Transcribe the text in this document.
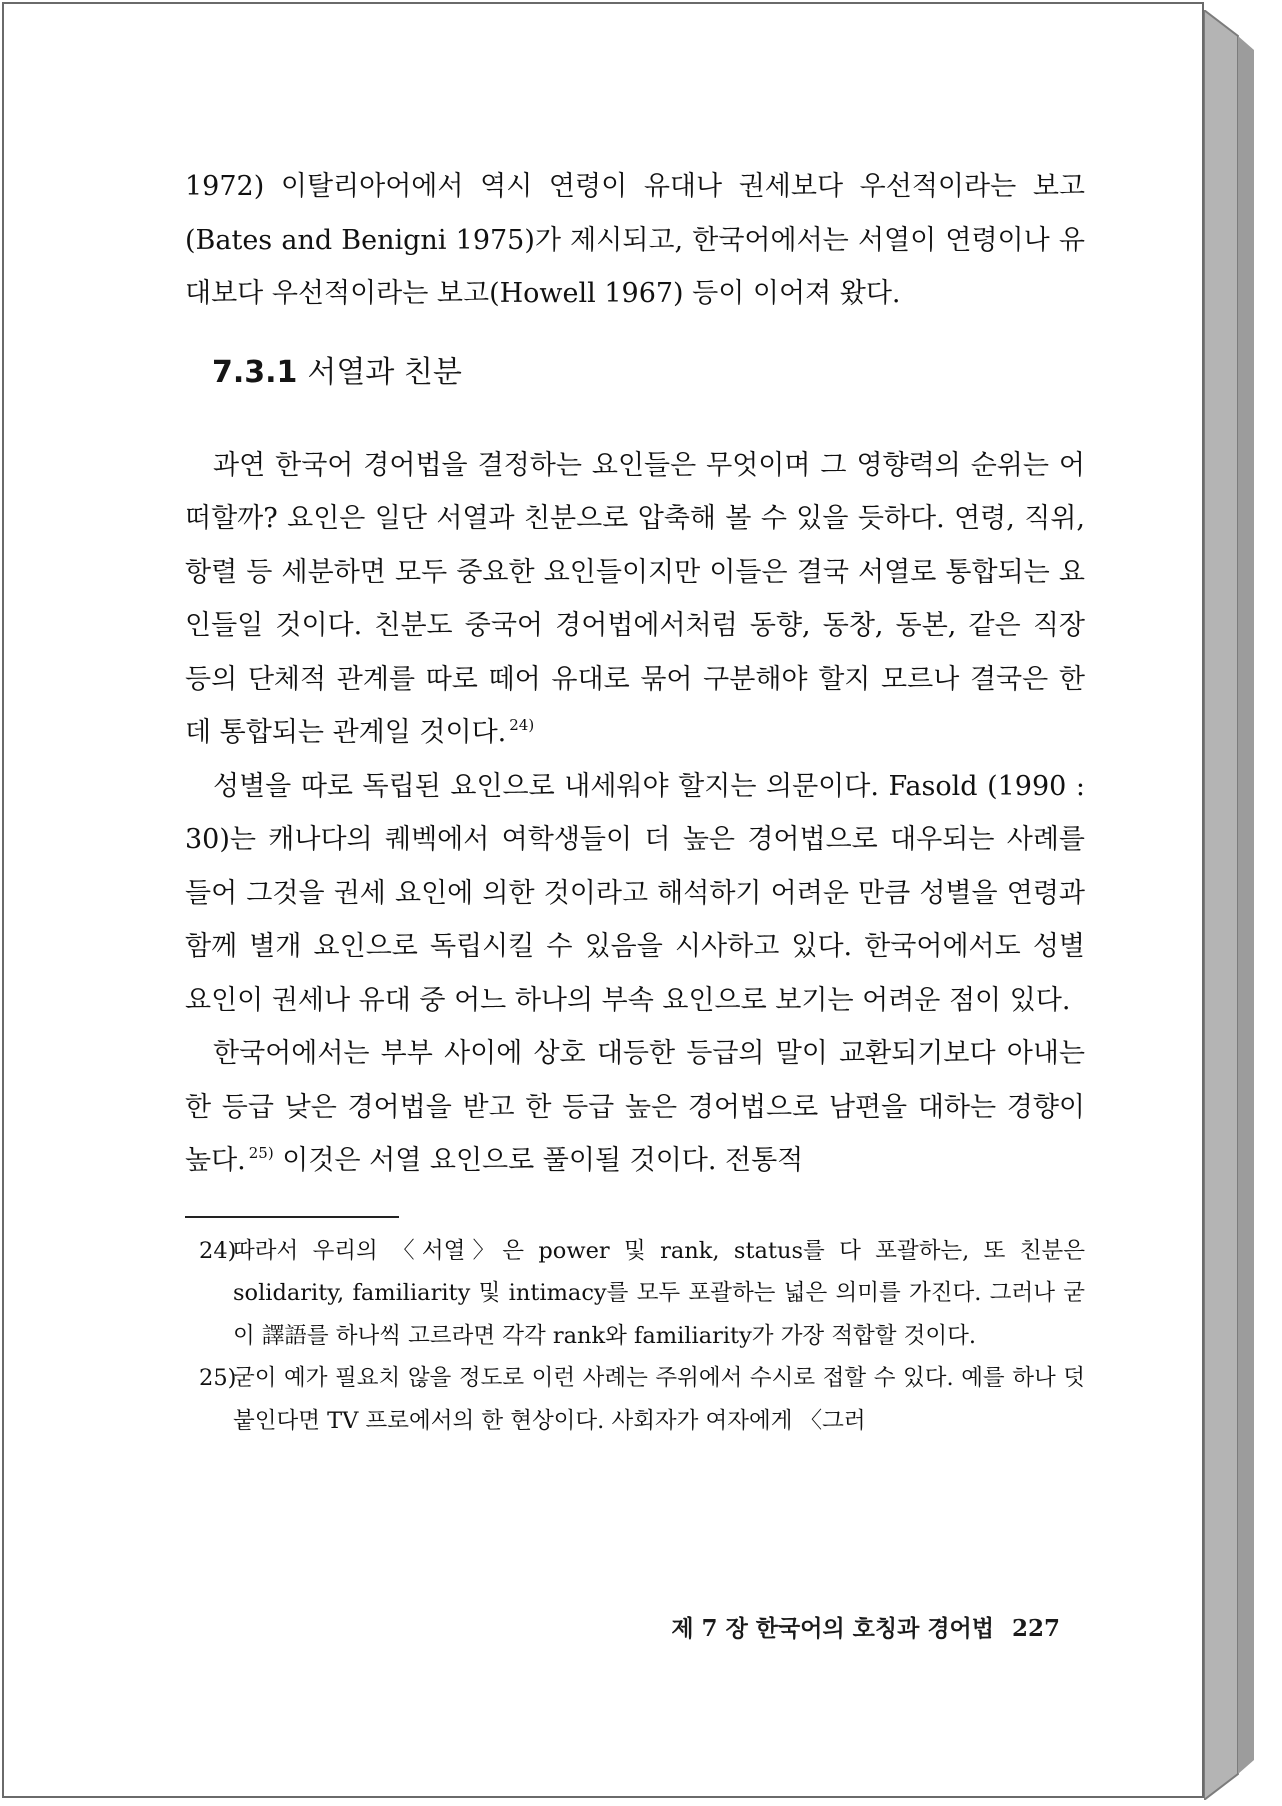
1972) 이탈리아어에서 역시 연령이 유대나 권세보다 우선적이라는 보고(Bates and Benigni 1975)가 제시되고, 한국어에서는 서열이 연령이나 유대보다 우선적이라는 보고(Howell 1967) 등이 이어져 왔다.

7.3.1 서열과 친분

과연 한국어 경어법을 결정하는 요인들은 무엇이며 그 영향력의 순위는 어떠할까? 요인은 일단 서열과 친분으로 압축해 볼 수 있을 듯하다. 연령, 직위, 항렬 등 세분하면 모두 중요한 요인들이지만 이들은 결국 서열로 통합되는 요인들일 것이다. 친분도 중국어 경어법에서처럼 동향, 동창, 동본, 같은 직장 등의 단체적 관계를 따로 떼어 유대로 묶어 구분해야 할지 모르나 결국은 한데 통합되는 관계일 것이다. $^{24)}$

성별을 따로 독립된 요인으로 내세워야 할지는 의문이다. Fasold (1990 : 30)는 캐나다의 퀘벡에서 여학생들이 더 높은 경어법으로 대우되는 사례를 들어 그것을 권세 요인에 의한 것이라고 해석하기 어려운 만큼 성별을 연령과 함께 별개 요인으로 독립시킬 수 있음을 시사하고 있다. 한국어에서도 성별 요인이 권세나 유대 중 어느 하나의 부속 요인으로 보기는 어려운 점이 있다.

한국어에서는 부부 사이에 상호 대등한 등급의 말이 교환되기보다 아내는 한 등급 낮은 경어법을 받고 한 등급 높은 경어법으로 남편을 대하는 경향이 높다. $^{25)}$ 이것은 서열 요인으로 풀이될 것이다. 전통적

24)
따라서 우리의 〈서열〉은 power 및 rank, status를 다 포괄하는, 또 친분은 solidarity, familiarity 및 intimacy를 모두 포괄하는 넓은 의미를 가진다. 그러나 굳이 譯語를 하나씩 고르라면 각각 rank와 familiarity가 가장 적합할 것이다.

25)
굳이 예가 필요치 않을 정도로 이런 사례는 주위에서 수시로 접할 수 있다. 예를 하나 덧붙인다면 TV 프로에서의 한 현상이다. 사회자가 여자에게 〈그러

제 7 장 한국어의 호칭과 경어법 227
